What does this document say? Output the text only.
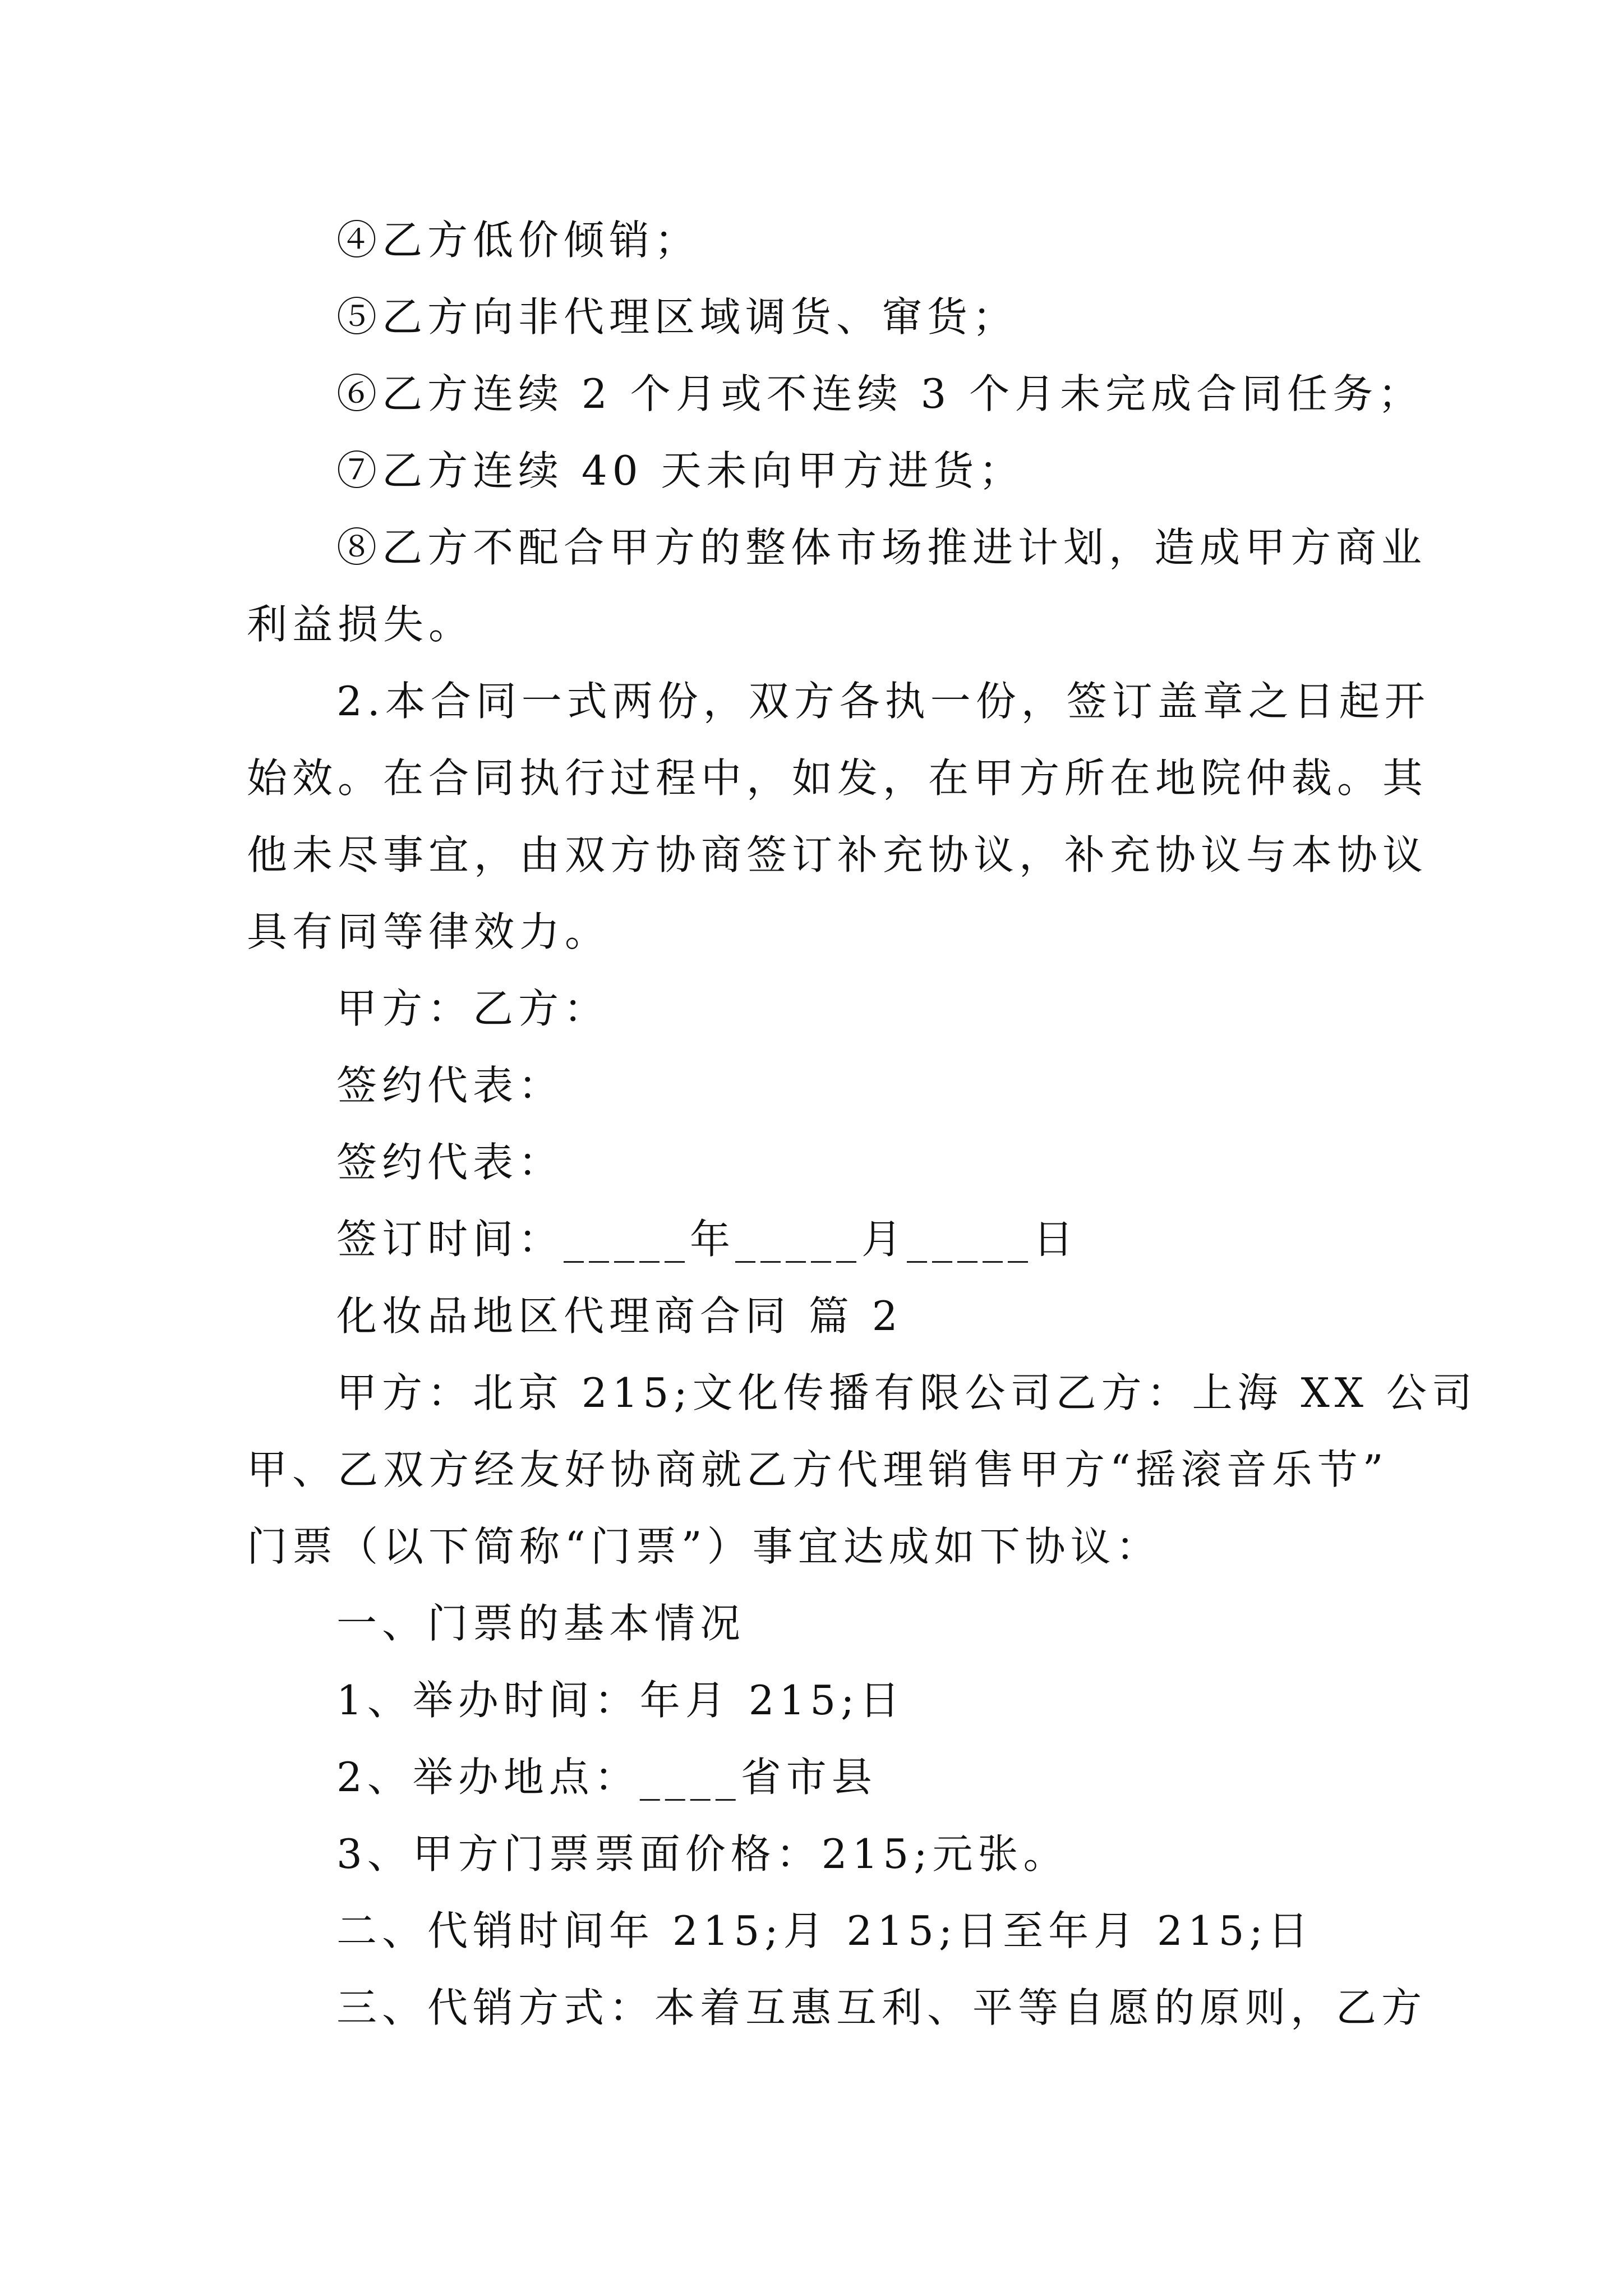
④乙方低价倾销；

⑤乙方向非代理区域调货、窜货；

⑥乙方连续 2 个月或不连续 3 个月未完成合同任务；

⑦乙方连续 40 天未向甲方进货；

⑧乙方不配合甲方的整体市场推进计划，造成甲方商业

利益损失。

2.本合同一式两份，双方各执一份，签订盖章之日起开

始效。在合同执行过程中，如发，在甲方所在地院仲裁。其

他未尽事宜，由双方协商签订补充协议，补充协议与本协议

具有同等律效力。

甲方：乙方：

签约代表：

签约代表：

签订时间：_____年_____月_____日

化妆品地区代理商合同 篇 2

甲方：北京 215;文化传播有限公司乙方：上海 XX 公司

甲、乙双方经友好协商就乙方代理销售甲方“摇滚音乐节”

门票（以下简称“门票”）事宜达成如下协议：

一、门票的基本情况

1、举办时间：年月 215;日

2、举办地点：____省市县

3、甲方门票票面价格：215;元张。

二、代销时间年 215;月 215;日至年月 215;日

三、代销方式：本着互惠互利、平等自愿的原则，乙方
